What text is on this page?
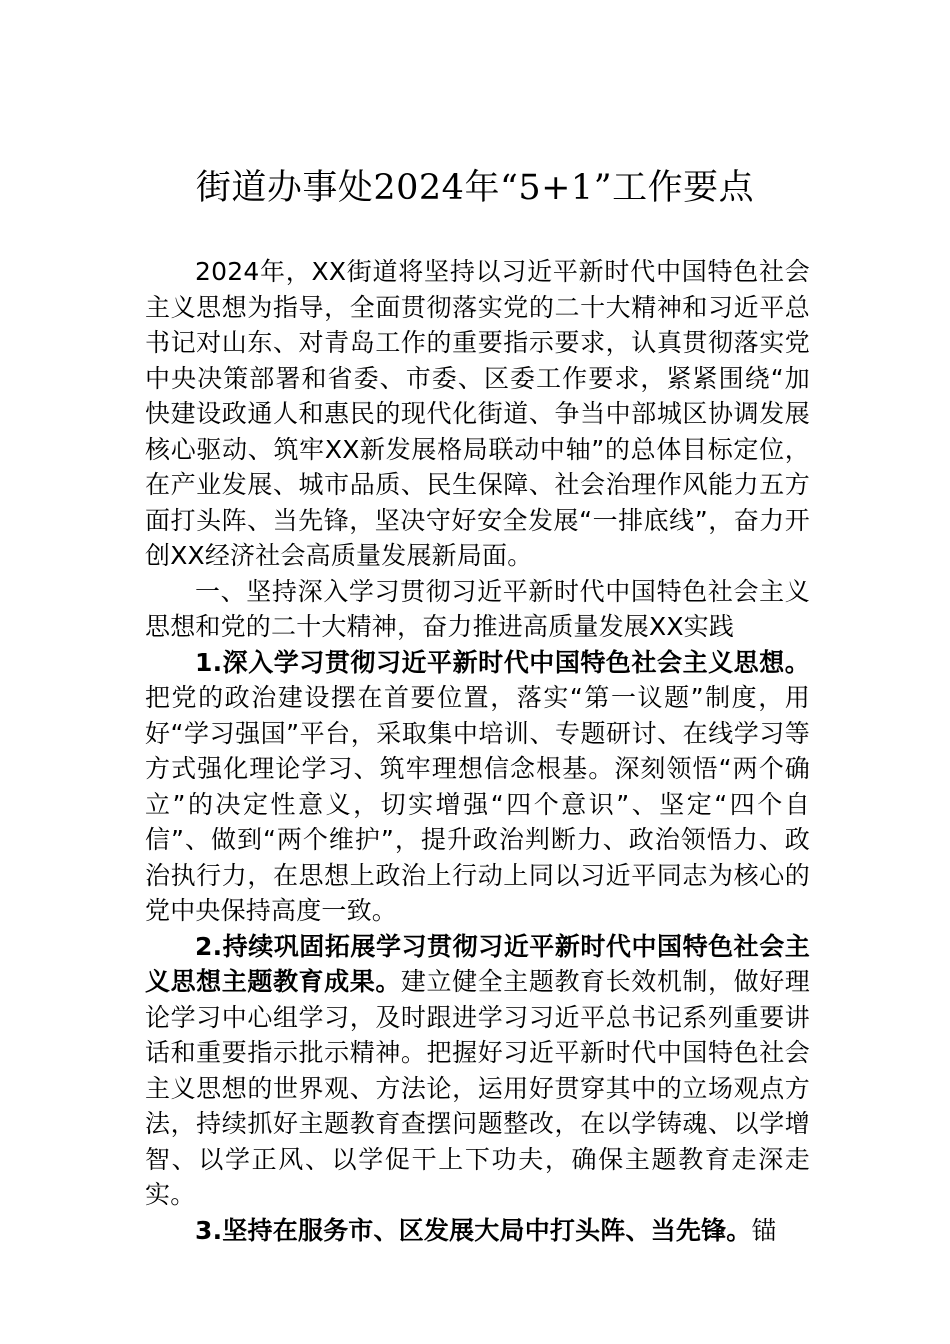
街道办事处2024年“5+1”工作要点

2024年，XX街道将坚持以习近平新时代中国特色社会主义思想为指导，全面贯彻落实党的二十大精神和习近平总书记对山东、对青岛工作的重要指示要求，认真贯彻落实党中央决策部署和省委、市委、区委工作要求，紧紧围绕“加快建设政通人和惠民的现代化街道、争当中部城区协调发展核心驱动、筑牢XX新发展格局联动中轴”的总体目标定位，在产业发展、城市品质、民生保障、社会治理作风能力五方面打头阵、当先锋，坚决守好安全发展“一排底线”，奋力开创XX经济社会高质量发展新局面。

一、坚持深入学习贯彻习近平新时代中国特色社会主义思想和党的二十大精神，奋力推进高质量发展XX实践

1.深入学习贯彻习近平新时代中国特色社会主义思想。把党的政治建设摆在首要位置，落实“第一议题”制度，用好“学习强国”平台，采取集中培训、专题研讨、在线学习等方式强化理论学习、筑牢理想信念根基。深刻领悟“两个确立”的决定性意义，切实增强“四个意识”、坚定“四个自信”、做到“两个维护”，提升政治判断力、政治领悟力、政治执行力，在思想上政治上行动上同以习近平同志为核心的党中央保持高度一致。

2.持续巩固拓展学习贯彻习近平新时代中国特色社会主义思想主题教育成果。建立健全主题教育长效机制，做好理论学习中心组学习，及时跟进学习习近平总书记系列重要讲话和重要指示批示精神。把握好习近平新时代中国特色社会主义思想的世界观、方法论，运用好贯穿其中的立场观点方法，持续抓好主题教育查摆问题整改，在以学铸魂、以学增智、以学正风、以学促干上下功夫，确保主题教育走深走实。

3.坚持在服务市、区发展大局中打头阵、当先锋。锚
